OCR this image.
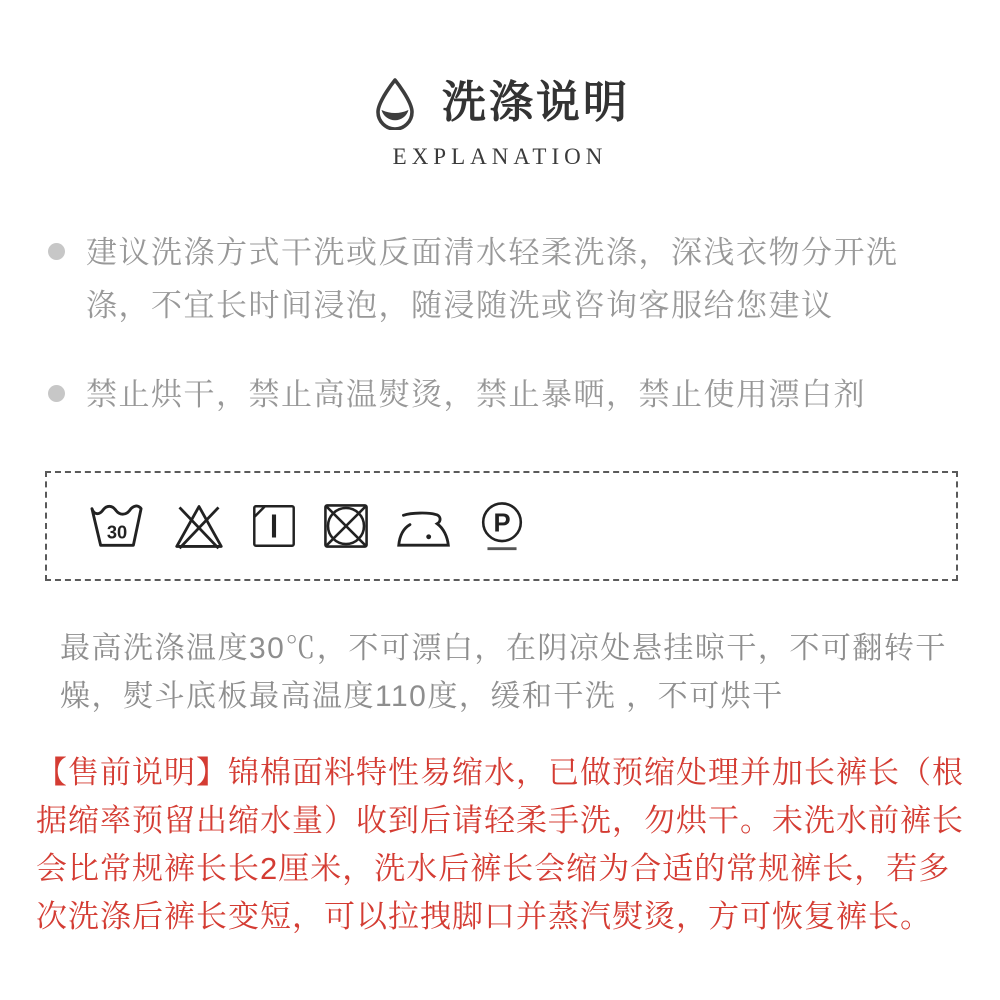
洗涤说明
EXPLANATION

建议洗涤方式干洗或反面清水轻柔洗涤，深浅衣物分开洗涤，不宜长时间浸泡，随浸随洗或咨询客服给您建议

禁止烘干，禁止高温熨烫，禁止暴晒，禁止使用漂白剂

30	P

最高洗涤温度30℃，不可漂白，在阴凉处悬挂晾干，不可翻转干燥，熨斗底板最高温度110度，缓和干洗 ，不可烘干

【售前说明】锦棉面料特性易缩水，已做预缩处理并加长裤长（根据缩率预留出缩水量）收到后请轻柔手洗，勿烘干。未洗水前裤长会比常规裤长长2厘米，洗水后裤长会缩为合适的常规裤长，若多次洗涤后裤长变短，可以拉拽脚口并蒸汽熨烫，方可恢复裤长。
